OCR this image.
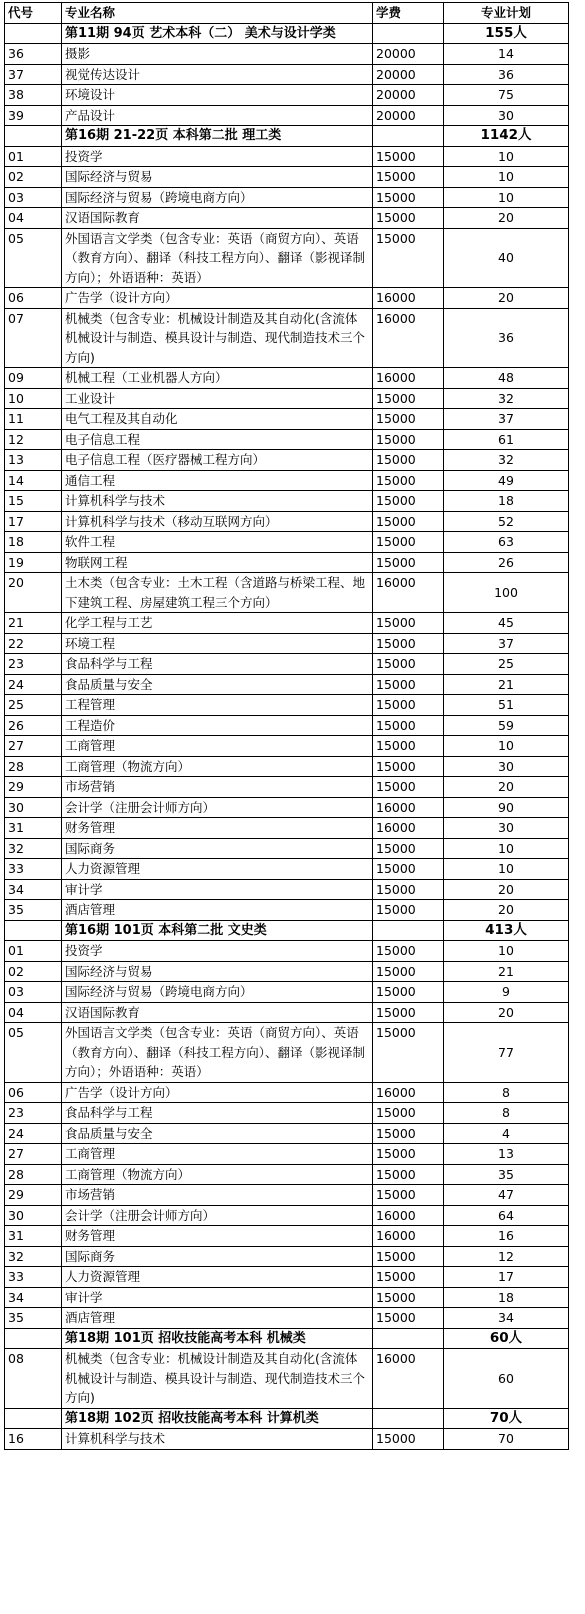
代号	专业名称	学费	专业计划
	第11期 94页 艺术本科（二） 美术与设计学类		155人
36	摄影	20000	14
37	视觉传达设计	20000	36
38	环境设计	20000	75
39	产品设计	20000	30
	第16期 21-22页 本科第二批 理工类		1142人
01	投资学	15000	10
02	国际经济与贸易	15000	10
03	国际经济与贸易（跨境电商方向）	15000	10
04	汉语国际教育	15000	20
05	外国语言文学类（包含专业：英语（商贸方向）、英语（教育方向）、翻译（科技工程方向）、翻译（影视译制方向）；外语语种：英语）	15000	40
06	广告学（设计方向）	16000	20
07	机械类（包含专业：机械设计制造及其自动化(含流体机械设计与制造、模具设计与制造、现代制造技术三个方向)	16000	36
09	机械工程（工业机器人方向）	16000	48
10	工业设计	15000	32
11	电气工程及其自动化	15000	37
12	电子信息工程	15000	61
13	电子信息工程（医疗器械工程方向）	15000	32
14	通信工程	15000	49
15	计算机科学与技术	15000	18
17	计算机科学与技术（移动互联网方向）	15000	52
18	软件工程	15000	63
19	物联网工程	15000	26
20	土木类（包含专业：土木工程（含道路与桥梁工程、地下建筑工程、房屋建筑工程三个方向）	16000	100
21	化学工程与工艺	15000	45
22	环境工程	15000	37
23	食品科学与工程	15000	25
24	食品质量与安全	15000	21
25	工程管理	15000	51
26	工程造价	15000	59
27	工商管理	15000	10
28	工商管理（物流方向）	15000	30
29	市场营销	15000	20
30	会计学（注册会计师方向）	16000	90
31	财务管理	16000	30
32	国际商务	15000	10
33	人力资源管理	15000	10
34	审计学	15000	20
35	酒店管理	15000	20
	第16期 101页 本科第二批 文史类		413人
01	投资学	15000	10
02	国际经济与贸易	15000	21
03	国际经济与贸易（跨境电商方向）	15000	9
04	汉语国际教育	15000	20
05	外国语言文学类（包含专业：英语（商贸方向）、英语（教育方向）、翻译（科技工程方向）、翻译（影视译制方向）；外语语种：英语）	15000	77
06	广告学（设计方向）	16000	8
23	食品科学与工程	15000	8
24	食品质量与安全	15000	4
27	工商管理	15000	13
28	工商管理（物流方向）	15000	35
29	市场营销	15000	47
30	会计学（注册会计师方向）	16000	64
31	财务管理	16000	16
32	国际商务	15000	12
33	人力资源管理	15000	17
34	审计学	15000	18
35	酒店管理	15000	34
	第18期 101页 招收技能高考本科 机械类		60人
08	机械类（包含专业：机械设计制造及其自动化(含流体机械设计与制造、模具设计与制造、现代制造技术三个方向)	16000	60
	第18期 102页 招收技能高考本科 计算机类		70人
16	计算机科学与技术	15000	70
